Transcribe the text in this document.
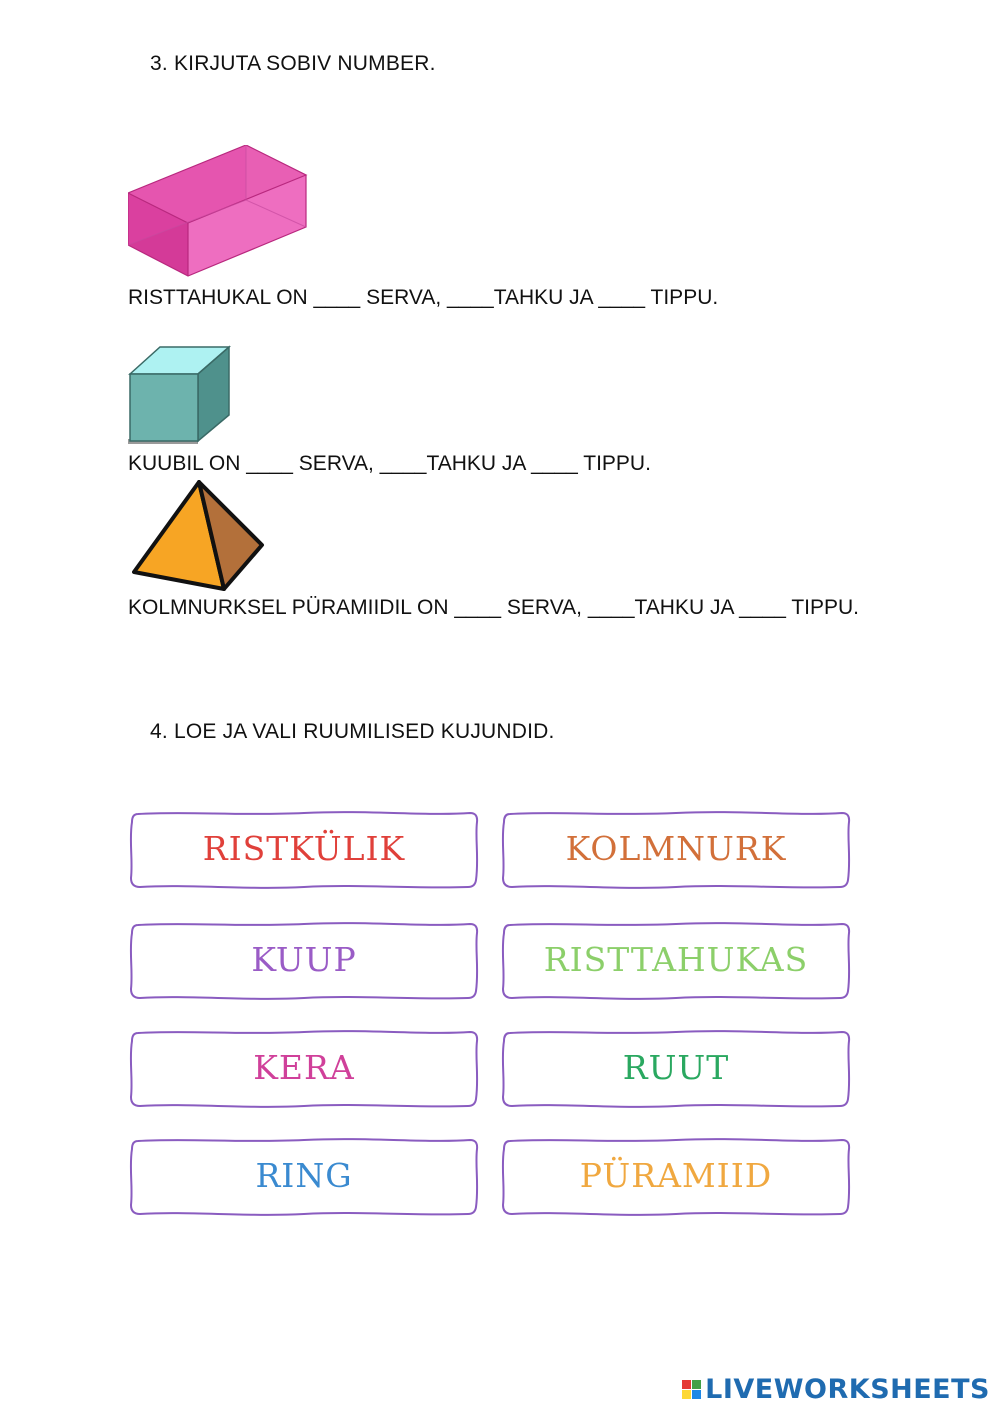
3. KIRJUTA SOBIV NUMBER.
RISTTAHUKAL ON ____ SERVA, ____TAHKU JA ____ TIPPU.
KUUBIL ON ____ SERVA, ____TAHKU JA ____ TIPPU.
KOLMNURKSEL PÜRAMIIDIL ON ____ SERVA, ____TAHKU JA ____ TIPPU.
4. LOE JA VALI RUUMILISED KUJUNDID.
RISTKÜLIK	KOLMNURK
KUUP	RISTTAHUKAS
KERA	RUUT
RING	PÜRAMIID
LIVEWORKSHEETS
